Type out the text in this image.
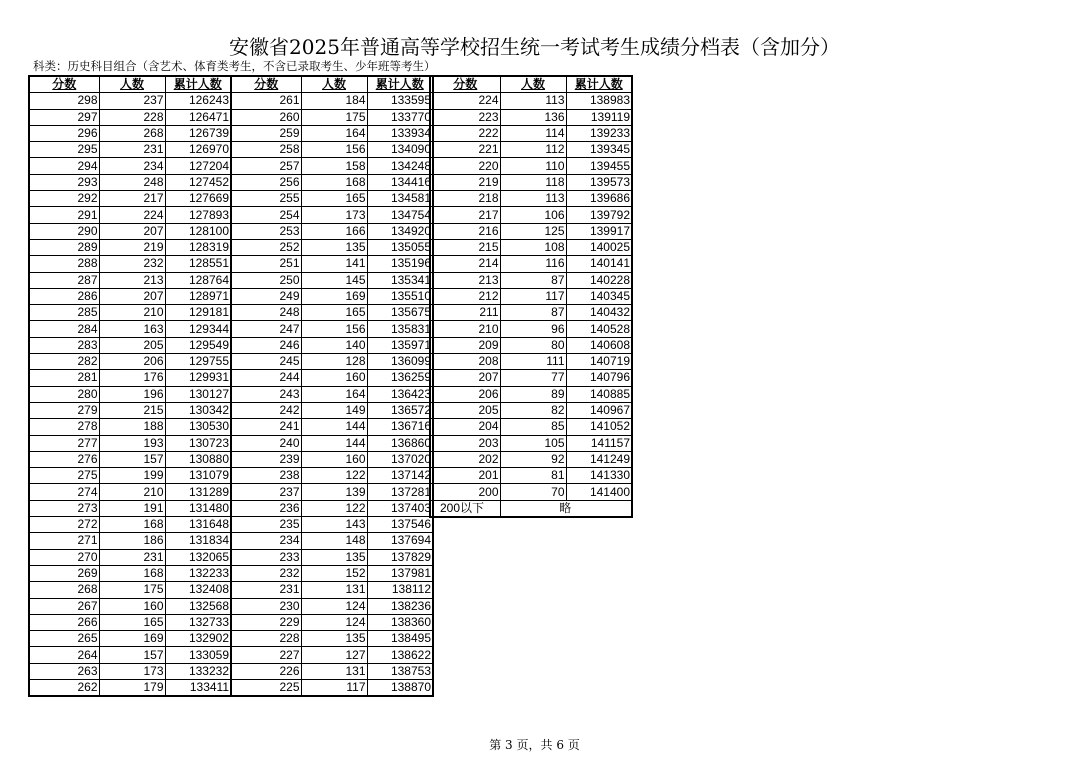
安徽省2025年普通高等学校招生统一考试考生成绩分档表（含加分）
科类：历史科目组合（含艺术、体育类考生，不含已录取考生、少年班等考生）
分数	人数	累计人数
298	237	126243
297	228	126471
296	268	126739
295	231	126970
294	234	127204
293	248	127452
292	217	127669
291	224	127893
290	207	128100
289	219	128319
288	232	128551
287	213	128764
286	207	128971
285	210	129181
284	163	129344
283	205	129549
282	206	129755
281	176	129931
280	196	130127
279	215	130342
278	188	130530
277	193	130723
276	157	130880
275	199	131079
274	210	131289
273	191	131480
272	168	131648
271	186	131834
270	231	132065
269	168	132233
268	175	132408
267	160	132568
266	165	132733
265	169	132902
264	157	133059
263	173	133232
262	179	133411
分数	人数	累计人数
261	184	133595
260	175	133770
259	164	133934
258	156	134090
257	158	134248
256	168	134416
255	165	134581
254	173	134754
253	166	134920
252	135	135055
251	141	135196
250	145	135341
249	169	135510
248	165	135675
247	156	135831
246	140	135971
245	128	136099
244	160	136259
243	164	136423
242	149	136572
241	144	136716
240	144	136860
239	160	137020
238	122	137142
237	139	137281
236	122	137403
235	143	137546
234	148	137694
233	135	137829
232	152	137981
231	131	138112
230	124	138236
229	124	138360
228	135	138495
227	127	138622
226	131	138753
225	117	138870
分数	人数	累计人数
224	113	138983
223	136	139119
222	114	139233
221	112	139345
220	110	139455
219	118	139573
218	113	139686
217	106	139792
216	125	139917
215	108	140025
214	116	140141
213	87	140228
212	117	140345
211	87	140432
210	96	140528
209	80	140608
208	111	140719
207	77	140796
206	89	140885
205	82	140967
204	85	141052
203	105	141157
202	92	141249
201	81	141330
200	70	141400
200以下	略	
第 3 页，共 6 页
